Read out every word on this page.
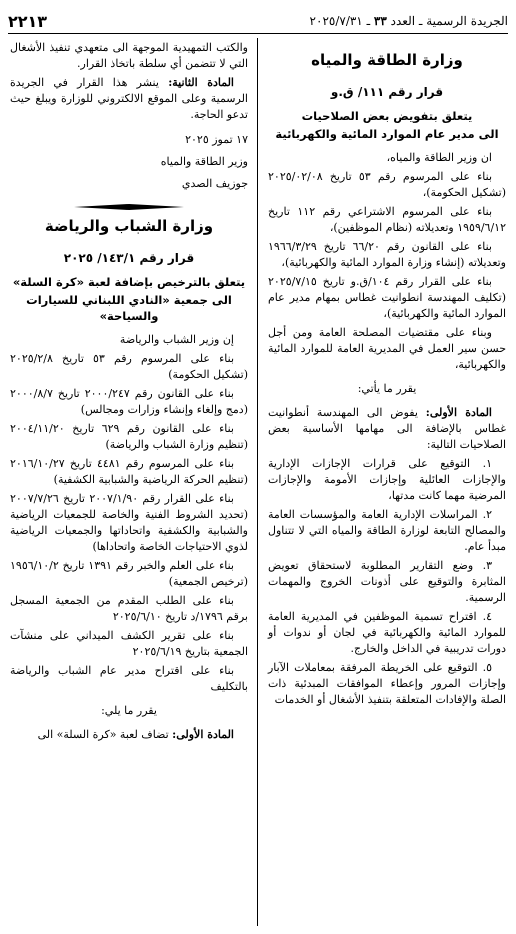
الجريدة الرسمية ـ العدد ٣٣ ـ ٢٠٢٥/٧/٣١
٢٢١٣
وزارة الطاقة والمياه
قرار رقم ١١١/ ق.و
يتعلق بتفويض بعض الصلاحيات
الى مدير عام الموارد المائية والكهربائية

ان وزير الطاقة والمياه،

بناء على المرسوم رقم ٥٣ تاريخ ٢٠٢٥/٠٢/٠٨ (تشكيل الحكومة)،

بناء على المرسوم الاشتراعي رقم ١١٢ تاريخ ١٩٥٩/٦/١٢ وتعديلاته (نظام الموظفين)،

بناء على القانون رقم ٦٦/٢٠ تاريخ ١٩٦٦/٣/٢٩ وتعديلاته (إنشاء وزارة الموارد المائية والكهربائية)،

بناء على القرار رقم ١٠٤/ق.و تاريخ ٢٠٢٥/٧/١٥ (تكليف المهندسة انطوانيت غطاس بمهام مدير عام الموارد المائية والكهربائية)،

وبناء على مقتضيات المصلحة العامة ومن أجل حسن سير العمل في المديرية العامة للموارد المائية والكهربائية،

يقرر ما يأتي:

المادة الأولى: يفوض الى المهندسة أنطوانيت غطاس بالإضافة الى مهامها الأساسية بعض الصلاحيات التالية:

١. التوقيع على قرارات الإجازات الإدارية والإجازات العائلية وإجازات الأمومة والإجازات المرضية مهما كانت مدتها،

٢. المراسلات الإدارية العامة والمؤسسات العامة والمصالح التابعة لوزارة الطاقة والمياه التي لا تتناول مبدأ عام.

٣. وضع التقارير المطلوبة لاستحقاق تعويض المثابرة والتوقيع على أذونات الخروج والمهمات الرسمية.

٤. اقتراح تسمية الموظفين في المديرية العامة للموارد المائية والكهربائية في لجان أو ندوات أو دورات تدريبية في الداخل والخارج.

٥. التوقيع على الخريطة المرفقة بمعاملات الآبار وإجازات المرور وإعطاء الموافقات المبدئية ذات الصلة والإفادات المتعلقة بتنفيذ الأشغال أو الخدمات

والكتب التمهيدية الموجهة الى متعهدي تنفيذ الأشغال التي لا تتضمن أي سلطة باتخاذ القرار.

المادة الثانية: ينشر هذا القرار في الجريدة الرسمية وعلى الموقع الالكتروني للوزارة ويبلغ حيث تدعو الحاجة.

١٧ تموز ٢٠٢٥
وزير الطاقة والمياه
جوزيف الصدي
وزارة الشباب والرياضة
قرار رقم ١٤٣/١/ ٢٠٢٥
يتعلق بالترخيص بإضافة لعبة «كرة السلة»
الى جمعية «النادي اللبناني للسيارات والسياحة»

إن وزير الشباب والرياضة

بناء على المرسوم رقم ٥٣ تاريخ ٢٠٢٥/٢/٨ (تشكيل الحكومة)

بناء على القانون رقم ٢٠٠٠/٢٤٧ تاريخ ٢٠٠٠/٨/٧ (دمج وإلغاء وإنشاء وزارات ومجالس)

بناء على القانون رقم ٦٢٩ تاريخ ٢٠٠٤/١١/٢٠ (تنظيم وزارة الشباب والرياضة)

بناء على المرسوم رقم ٤٤٨١ تاريخ ٢٠١٦/١٠/٢٧ (تنظيم الحركة الرياضية والشبابية الكشفية)

بناء على القرار رقم ٢٠٠٧/١/٩٠ تاريخ ٢٠٠٧/٧/٢٦ (تحديد الشروط الفنية والخاصة للجمعيات الرياضية والشبابية والكشفية واتحاداتها والجمعيات الرياضية لذوي الاحتياجات الخاصة واتحاداها)

بناء على العلم والخبر رقم ١٣٩١ تاريخ ١٩٥٦/١٠/٢ (ترخيص الجمعية)

بناء على الطلب المقدم من الجمعية المسجل برقم ١٧٩٦/د تاريخ ٢٠٢٥/٦/١٠

بناء على تقرير الكشف الميداني على منشآت الجمعية بتاريخ ٢٠٢٥/٦/١٩

بناء على اقتراح مدير عام الشباب والرياضة بالتكليف

يقرر ما يلي:

المادة الأولى: تضاف لعبة «كرة السلة» الى
